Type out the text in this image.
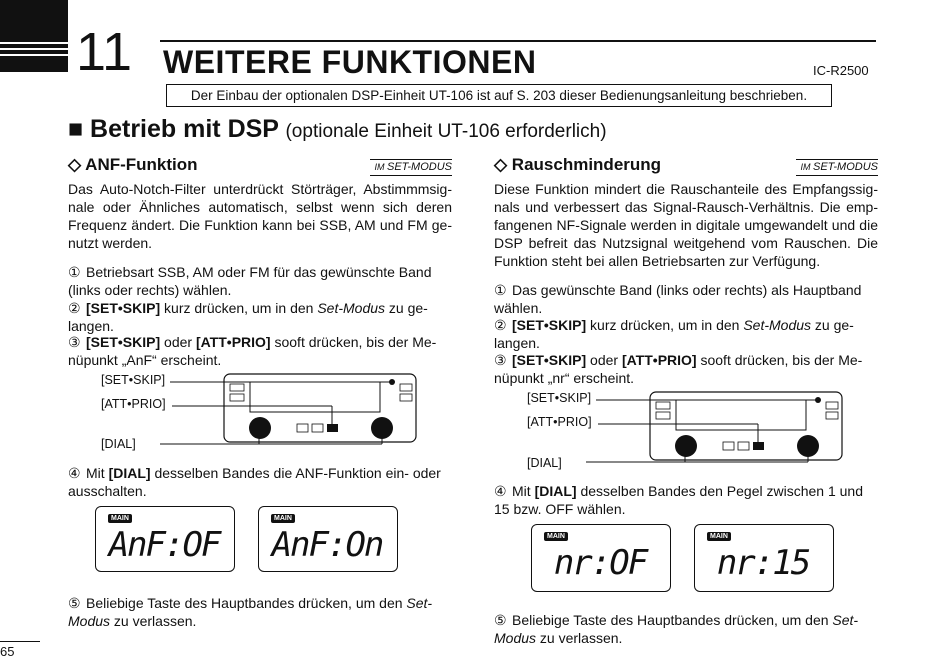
11 WEITERE FUNKTIONEN	IC-R2500
Der Einbau der optionalen DSP-Einheit UT-106 ist auf S. 203 dieser Bedienungsanleitung beschrieben.
■ Betrieb mit DSP (optionale Einheit UT-106 erforderlich)
◇ ANF-Funktion	IM SET-MODUS
Das Auto-Notch-Filter unterdrückt Störträger, Abstimmmsig-nale oder Ähnliches automatisch, selbst wenn sich deren Frequenz ändert. Die Funktion kann bei SSB, AM und FM ge-nutzt werden.
① Betriebsart SSB, AM oder FM für das gewünschte Band (links oder rechts) wählen.
② [SET•SKIP] kurz drücken, um in den Set-Modus zu ge-langen.
③ [SET•SKIP] oder [ATT•PRIO] sooft drücken, bis der Me-nüpunkt „AnF“ erscheint.
[SET•SKIP]
[ATT•PRIO]
[DIAL]
④ Mit [DIAL] desselben Bandes die ANF-Funktion ein- oder ausschalten.
MAIN
AnF:OF
MAIN
AnF:On
⑤ Beliebige Taste des Hauptbandes drücken, um den Set-Modus zu verlassen.
◇ Rauschminderung	IM SET-MODUS
Diese Funktion mindert die Rauschanteile des Empfangssig-nals und verbessert das Signal-Rausch-Verhältnis. Die emp-fangenen NF-Signale werden in digitale umgewandelt und die DSP befreit das Nutzsignal weitgehend vom Rauschen. Die Funktion steht bei allen Betriebsarten zur Verfügung.
① Das gewünschte Band (links oder rechts) als Hauptband wählen.
② [SET•SKIP] kurz drücken, um in den Set-Modus zu ge-langen.
③ [SET•SKIP] oder [ATT•PRIO] sooft drücken, bis der Me-nüpunkt „nr“ erscheint.
[SET•SKIP]
[ATT•PRIO]
[DIAL]
④ Mit [DIAL] desselben Bandes den Pegel zwischen 1 und 15 bzw. OFF wählen.
MAIN
nr:OF
MAIN
nr:15
⑤ Beliebige Taste des Hauptbandes drücken, um den Set-Modus zu verlassen.
65
